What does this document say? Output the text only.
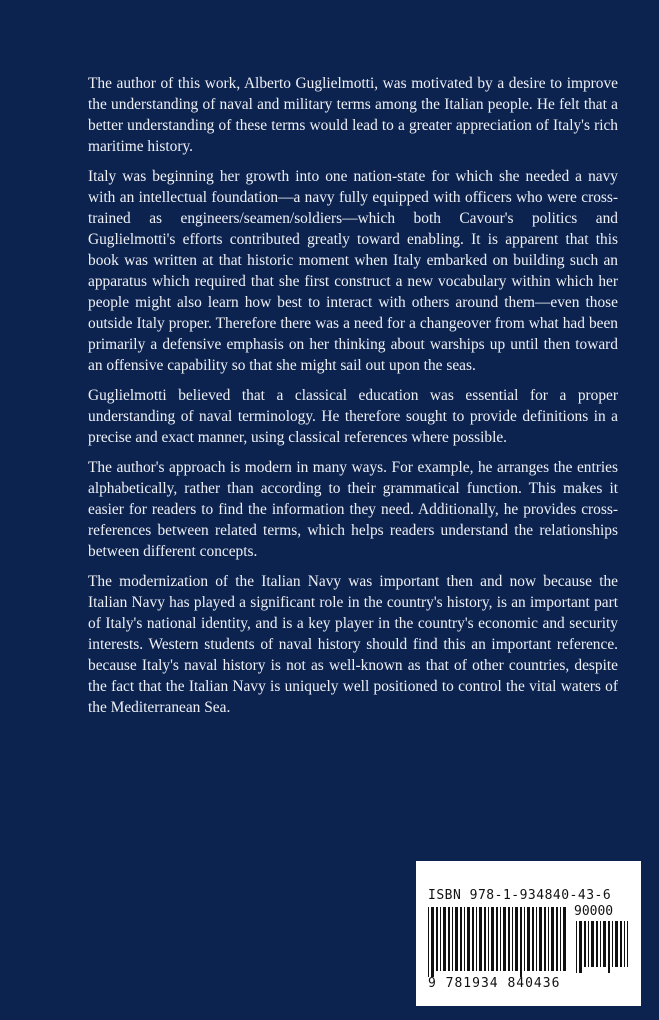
The author of this work, Alberto Guglielmotti, was motivated by a desire to improve the understanding of naval and military terms among the Italian people. He felt that a better understanding of these terms would lead to a greater appreciation of Italy's rich maritime history.

Italy was beginning her growth into one nation-state for which she needed a navy with an intellectual foundation—a navy fully equipped with officers who were cross-trained as engineers/seamen/soldiers—which both Cavour's politics and Guglielmotti's efforts contributed greatly toward enabling. It is apparent that this book was written at that historic moment when Italy embarked on building such an apparatus which required that she first construct a new vocabulary within which her people might also learn how best to interact with others around them—even those outside Italy proper. Therefore there was a need for a changeover from what had been primarily a defensive emphasis on her thinking about warships up until then toward an offensive capability so that she might sail out upon the seas.

Guglielmotti believed that a classical education was essential for a proper understanding of naval terminology. He therefore sought to provide definitions in a precise and exact manner, using classical references where possible.

The author's approach is modern in many ways. For example, he arranges the entries alphabetically, rather than according to their grammatical function. This makes it easier for readers to find the information they need. Additionally, he provides cross-references between related terms, which helps readers understand the relationships between different concepts.

The modernization of the Italian Navy was important then and now because the Italian Navy has played a significant role in the country's history, is an important part of Italy's national identity, and is a key player in the country's economic and security interests. Western students of naval history should find this an important reference. because Italy's naval history is not as well-known as that of other countries, despite the fact that the Italian Navy is uniquely well positioned to control the vital waters of the Mediterranean Sea.

ISBN 978-1-934840-43-6
90000
9 781934 840436
